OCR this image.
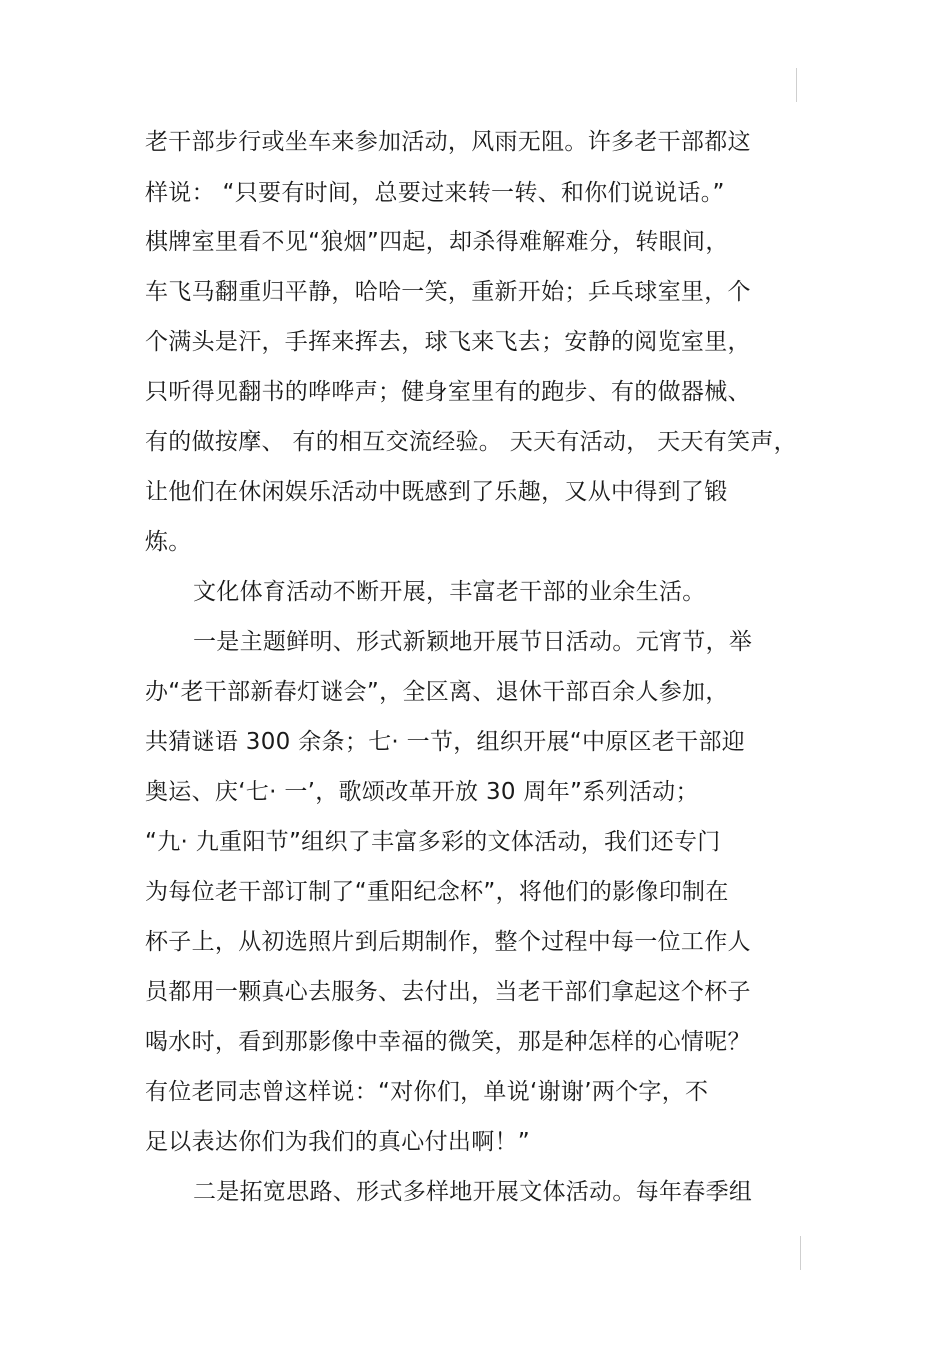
老干部步行或坐车来参加活动，风雨无阻。许多老干部都这
样说： “只要有时间，总要过来转一转、和你们说说话。”
棋牌室里看不见“狼烟”四起，却杀得难解难分，转眼间，
车飞马翻重归平静，哈哈一笑，重新开始；乒乓球室里，个
个满头是汗，手挥来挥去，球飞来飞去；安静的阅览室里，
只听得见翻书的哗哗声；健身室里有的跑步、有的做器械、
有的做按摩、 有的相互交流经验。 天天有活动， 天天有笑声，
让他们在休闲娱乐活动中既感到了乐趣，又从中得到了锻
炼。
文化体育活动不断开展，丰富老干部的业余生活。
一是主题鲜明、形式新颖地开展节日活动。元宵节，举
办“老干部新春灯谜会”，全区离、退休干部百余人参加，
共猜谜语 300 余条；七· 一节，组织开展“中原区老干部迎
奥运、庆‘七· 一’，歌颂改革开放 30 周年”系列活动；
“九· 九重阳节”组织了丰富多彩的文体活动，我们还专门
为每位老干部订制了“重阳纪念杯”，将他们的影像印制在
杯子上，从初选照片到后期制作，整个过程中每一位工作人
员都用一颗真心去服务、去付出，当老干部们拿起这个杯子
喝水时，看到那影像中幸福的微笑，那是种怎样的心情呢？
有位老同志曾这样说：“对你们，单说‘谢谢’两个字，不
足以表达你们为我们的真心付出啊！”
二是拓宽思路、形式多样地开展文体活动。每年春季组
